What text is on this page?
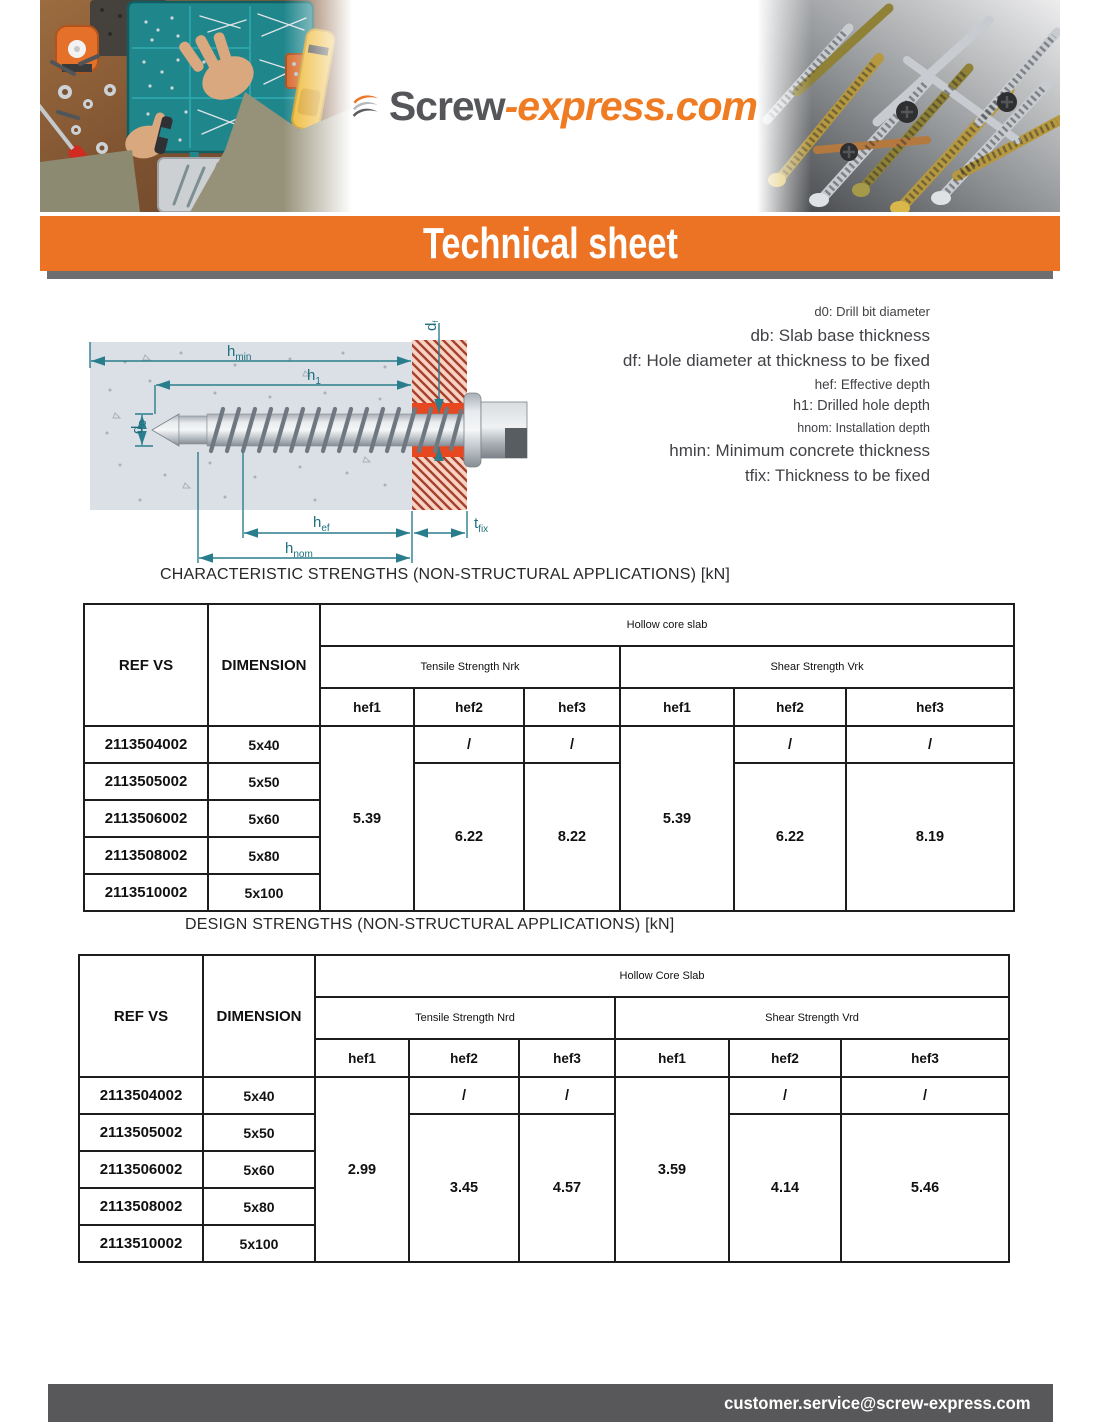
Screw-express.com
Technical sheet
$h_{min}$
$h_1$
$d_0$
$h_{ef}$
$h_{nom}$
$t_{fix}$
df
d0: Drill bit diameter
db: Slab base thickness
df: Hole diameter at thickness to be fixed
hef: Effective depth
h1: Drilled hole depth
hnom: Installation depth
hmin: Minimum concrete thickness
tfix: Thickness to be fixed
CHARACTERISTIC STRENGTHS (NON-STRUCTURAL APPLICATIONS) [kN]
REF VS	DIMENSION	Hollow core slab					
		Tensile Strength Nrk			Shear Strength Vrk		
		hef1	hef2	hef3	hef1	hef2	hef3
2113504002	5x40	5.39	/	/	5.39	/	/
2113505002	5x50		6.22	8.22		6.22	8.19
2113506002	5x60						
2113508002	5x80						
2113510002	5x100						
DESIGN STRENGTHS (NON-STRUCTURAL APPLICATIONS) [kN]
REF VS	DIMENSION	Hollow Core Slab					
		Tensile Strength Nrd			Shear Strength Vrd		
		hef1	hef2	hef3	hef1	hef2	hef3
2113504002	5x40	2.99	/	/	3.59	/	/
2113505002	5x50		3.45	4.57		4.14	5.46
2113506002	5x60						
2113508002	5x80						
2113510002	5x100						
customer.service@screw-express.com
